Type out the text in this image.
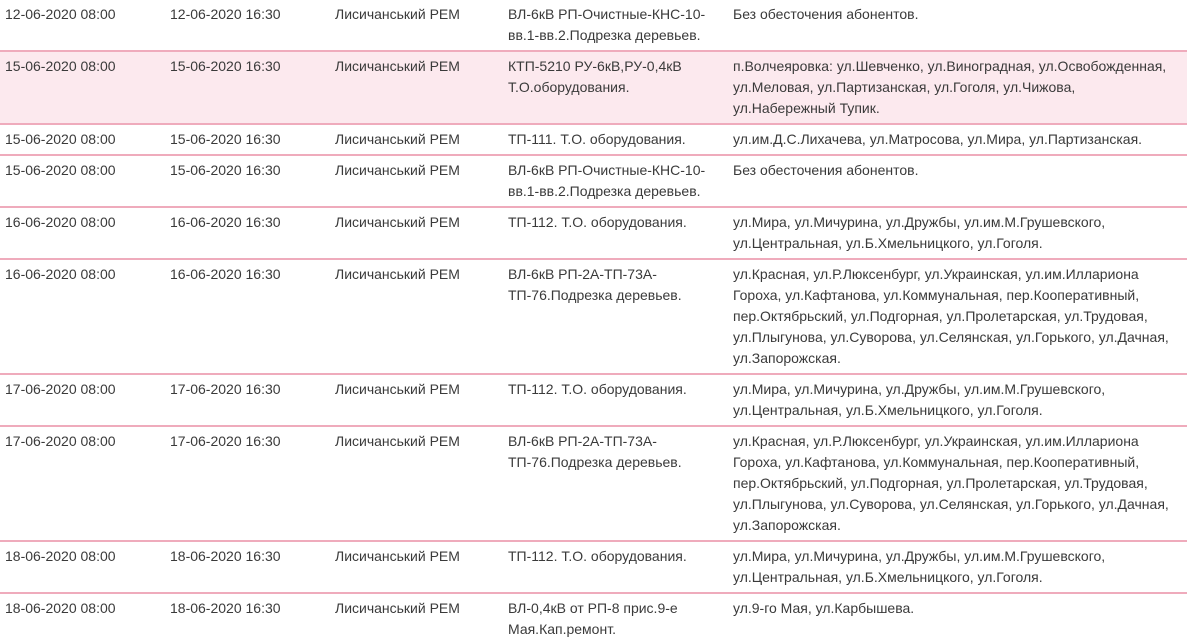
12-06-2020 08:00	12-06-2020 16:30	Лисичанський РЕМ	ВЛ-6кВ РП-Очистные-КНС-10-вв.1-вв.2.Подрезка деревьев.	Без обесточения абонентов.
15-06-2020 08:00	15-06-2020 16:30	Лисичанський РЕМ	КТП-5210 РУ-6кВ,РУ-0,4кВ Т.О.оборудования.	п.Волчеяровка: ул.Шевченко, ул.Виноградная, ул.Освобожденная, ул.Меловая, ул.Партизанская, ул.Гоголя, ул.Чижова, ул.Набережный Тупик.
15-06-2020 08:00	15-06-2020 16:30	Лисичанський РЕМ	ТП-111. Т.О. оборудования.	ул.им.Д.С.Лихачева, ул.Матросова, ул.Мира, ул.Партизанская.
15-06-2020 08:00	15-06-2020 16:30	Лисичанський РЕМ	ВЛ-6кВ РП-Очистные-КНС-10-вв.1-вв.2.Подрезка деревьев.	Без обесточения абонентов.
16-06-2020 08:00	16-06-2020 16:30	Лисичанський РЕМ	ТП-112. Т.О. оборудования.	ул.Мира, ул.Мичурина, ул.Дружбы, ул.им.М.Грушевского, ул.Центральная, ул.Б.Хмельницкого, ул.Гоголя.
16-06-2020 08:00	16-06-2020 16:30	Лисичанський РЕМ	ВЛ-6кВ РП-2А-ТП-73А-ТП-76.Подрезка деревьев.	ул.Красная, ул.Р.Люксенбург, ул.Украинская, ул.им.Иллариона Гороха, ул.Кафтанова, ул.Коммунальная, пер.Кооперативный, пер.Октябрьский, ул.Подгорная, ул.Пролетарская, ул.Трудовая, ул.Плыгунова, ул.Суворова, ул.Селянская, ул.Горького, ул.Дачная, ул.Запорожская.
17-06-2020 08:00	17-06-2020 16:30	Лисичанський РЕМ	ТП-112. Т.О. оборудования.	ул.Мира, ул.Мичурина, ул.Дружбы, ул.им.М.Грушевского, ул.Центральная, ул.Б.Хмельницкого, ул.Гоголя.
17-06-2020 08:00	17-06-2020 16:30	Лисичанський РЕМ	ВЛ-6кВ РП-2А-ТП-73А-ТП-76.Подрезка деревьев.	ул.Красная, ул.Р.Люксенбург, ул.Украинская, ул.им.Иллариона Гороха, ул.Кафтанова, ул.Коммунальная, пер.Кооперативный, пер.Октябрьский, ул.Подгорная, ул.Пролетарская, ул.Трудовая, ул.Плыгунова, ул.Суворова, ул.Селянская, ул.Горького, ул.Дачная, ул.Запорожская.
18-06-2020 08:00	18-06-2020 16:30	Лисичанський РЕМ	ТП-112. Т.О. оборудования.	ул.Мира, ул.Мичурина, ул.Дружбы, ул.им.М.Грушевского, ул.Центральная, ул.Б.Хмельницкого, ул.Гоголя.
18-06-2020 08:00	18-06-2020 16:30	Лисичанський РЕМ	ВЛ-0,4кВ от РП-8 прис.9-е Мая.Кап.ремонт.	ул.9-го Мая, ул.Карбышева.
